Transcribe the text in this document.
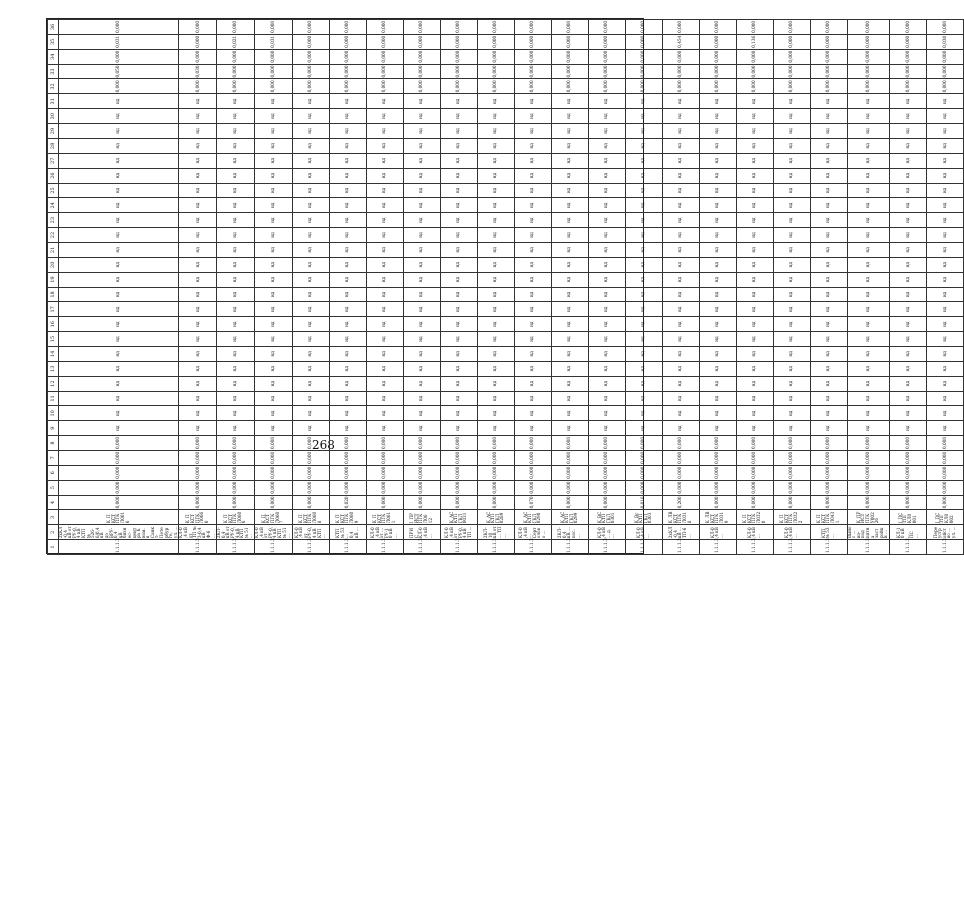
268
1	2	3	4	5	6	7	8	9	10	11	12	13	14	15	16	17	18	19	20	21	22	23	24	25	26	27	28	29	30	31	32	33	34	35	36
1.1.1.3	2хКЛ-0,4 кВ от РУ-0,4 кВ КТП № 526-6/0,4 кВ до ВРУ-0,4 кВ бизнес-центра К ном. в Санкт-Петербурге, ул. ...	K_ПКСТПГКЛ0016	0,000	0,000	0,000	0,000	0,000	нд	нд	нд	нд	нд	нд	нд	нд	нд	нд	нд	нд	нд	нд	нд	нд	нд	нд	нд	нд	нд	нд	нд	0,000	0,050	0,000	0,031	0,000
1.1.1.3	КЛ-0,4 кВ от ТП № 3-0,4 кВ Ф-6 ...	K_ПКСТПГКЛ0660	0,000	0,000	0,000	0,000	0,000	нд	нд	нд	нд	нд	нд	нд	нд	нд	нд	нд	нд	нд	нд	нд	нд	нд	нд	нд	нд	нд	нд	нд	0,000	0,030	0,000	0,000	0,000
1.1.1.3	2КЛ-0,4 кВ от РУ-0,4 кВ КТП № 51 ...	K_ПКСТПГКЛ0606	0,000	0,000	0,000	0,000	0,000	нд	нд	нд	нд	нд	нд	нд	нд	нд	нд	нд	нд	нд	нд	нд	нд	нд	нд	нд	нд	нд	нд	нд	0,000	0,000	0,000	0,021	0,000
1.1.1.3	КЛ-0,4 кВ от РУ-0,4 кВ КТП № 51 ...	K_ПКСТПГКЛ0607	0,000	0,000	0,000	0,000	0,000	нд	нд	нд	нд	нд	нд	нд	нд	нд	нд	нд	нд	нд	нд	нд	нд	нд	нд	нд	нд	нд	нд	нд	0,000	0,000	0,000	0,031	0,000
1.1.1.3	КЛ-0,4 кВ от РУ-0,4 кВ КТП ...	K_ПКСТПГКЛ0608	0,000	0,000	0,000	0,000	0,000	нд	нд	нд	нд	нд	нд	нд	нд	нд	нд	нд	нд	нд	нд	нд	нд	нд	нд	нд	нд	нд	нд	нд	0,000	0,000	0,000	0,000	0,000
1.1.1.3	КТП № 53 ... 0,4 кВ ...	K_ПКСТПГКЛ0609	0,020	0,000	0,000	0,000	0,000	нд	нд	нд	нд	нд	нд	нд	нд	нд	нд	нд	нд	нд	нд	нд	нд	нд	нд	нд	нд	нд	нд	нд	0,000	0,000	0,000	0,000	0,000
1.1.1.3	КЛ-0,4 кВ от ... РУ-10 кВ ...	K_ПКСТПГКЛ0611	0,000	0,000	0,000	0,000	0,000	нд	нд	нд	нд	нд	нд	нд	нд	нд	нд	нд	нд	нд	нд	нд	нд	нд	нд	нд	нд	нд	нд	нд	0,000	0,000	0,000	0,000	0,000
1.1.1.3	ПРИС ... КЛ-0,4 кВ ...	I_ПРИСТПГКЛ06 12	0,000	0,000	0,000	0,000	0,000	нд	нд	нд	нд	нд	нд	нд	нд	нд	нд	нд	нд	нд	нд	нд	нд	нд	нд	нд	нд	нд	нд	нд	0,000	0,000	0,000	0,000	0,000
1.1.1.3	КЛ-0,4 кВ от РУ-0,4 кВ ТП ...	K_АСКТПГКЛ0031	0,000	0,000	0,000	0,000	0,000	нд	нд	нд	нд	нд	нд	нд	нд	нд	нд	нд	нд	нд	нд	нд	нд	нд	нд	нд	нд	нд	нд	нд	0,000	0,000	0,000	0,000	0,000
1.1.1.3	2КЛ-10 кВ от ... ТП ...	K_АСКТПГКЛ0289	0,000	0,000	0,000	0,000	0,000	нд	нд	нд	нд	нд	нд	нд	нд	нд	нд	нд	нд	нд	нд	нд	нд	нд	нд	нд	нд	нд	нд	нд	0,000	0,000	0,000	0,000	0,000
1.1.1.3	КЛ-0,4 кВ ... Сертолово ...	K_АСКТПГКЛ0290	0,070	0,000	0,000	0,000	0,000	нд	нд	нд	нд	нд	нд	нд	нд	нд	нд	нд	нд	нд	нд	нд	нд	нд	нд	нд	нд	нд	нд	нд	0,000	0,000	0,000	0,000	0,000
1.1.1.3	2КЛ-0,4 кВ ... пос. ...	K_АСКТПГКЛ0299	0,000	0,000	0,000	0,000	0,000	нд	нд	нд	нд	нд	нд	нд	нд	нд	нд	нд	нд	нд	нд	нд	нд	нд	нд	нд	нд	нд	нд	нд	0,000	0,000	0,000	0,000	0,000
1.1.1.3	КЛ-0,4 кВ ... д. ...	K_ВСКТПГКЛ0301	0,000	0,000	0,000	0,000	0,000	нд	нд	нд	нд	нд	нд	нд	нд	нд	нд	нд	нд	нд	нд	нд	нд	нд	нд	нд	нд	нд	нд	нд	0,000	0,000	0,000	0,000	0,000
1.1.1.3	КЛ-0,4 кВ ...	K_ВсКТПГКЛ0303	0,016	0,000	0,000	0,000	0,000	нд	нд	нд	нд	нд	нд	нд	нд	нд	нд	нд	нд	нд	нд	нд	нд	нд	нд	нд	нд	нд	нд	нд	0,000	0,000	0,000	0,000	0,000
1.1.1.3	2хКЛ-0,4 кВ ... ТП-6 ...	K_ЛВКСТПГКЛ0318	0,200	0,000	0,000	0,000	0,000	нд	нд	нд	нд	нд	нд	нд	нд	нд	нд	нд	нд	нд	нд	нд	нд	нд	нд	нд	нд	нд	нд	нд	0,000	0,000	0,000	0,454	0,000
1.1.1.3	КЛ-0,4 кВ ...	K_ЛВКСТПГКЛ0319	0,000	0,000	0,000	0,000	0,000	нд	нд	нд	нд	нд	нд	нд	нд	нд	нд	нд	нд	нд	нд	нд	нд	нд	нд	нд	нд	нд	нд	нд	0,000	0,000	0,000	0,000	0,000
1.1.1.3	КЛ-0,4 кВ ...	K_ПКСТПГКЛ0320	0,000	0,000	0,000	0,000	0,000	нд	нд	нд	нд	нд	нд	нд	нд	нд	нд	нд	нд	нд	нд	нд	нд	нд	нд	нд	нд	нд	нд	нд	0,000	0,000	0,000	0,136	0,000
1.1.1.3	КЛ-0,4 кВ ...	K_ПКСТПГКЛ0322	0,000	0,000	0,000	0,000	0,000	нд	нд	нд	нд	нд	нд	нд	нд	нд	нд	нд	нд	нд	нд	нд	нд	нд	нд	нд	нд	нд	нд	нд	0,000	0,000	0,000	0,000	0,000
1.1.1.3	КТП № 53 ...	K_ПКСТПГКЛ0431	0,000	0,000	0,000	0,000	0,000	нд	нд	нд	нд	нд	нд	нд	нд	нд	нд	нд	нд	нд	нд	нд	нд	нд	нд	нд	нд	нд	нд	нд	0,000	0,000	0,000	0,000	0,000
1.1.1.3	Вынос ... из-под пятна застройки ...	K_ПРИСТПГКУ002 26	0,000	0,000	0,000	0,000	0,000	нд	нд	нд	нд	нд	нд	нд	нд	нд	нд	нд	нд	нд	нд	нд	нд	нд	нд	нд	нд	нд	нд	нд	0,000	0,000	0,000	0,000	0,000
1.1.1.3	КЛ-10 кВ ... ПС ...	I_ПСТПГКЛ0001	0,000	0,000	0,000	0,000	0,000	нд	нд	нд	нд	нд	нд	нд	нд	нд	нд	нд	нд	нд	нд	нд	нд	нд	нд	нд	нд	нд	нд	нд	0,000	0,000	0,000	0,000	0,000
1.1.1.3	Переустройство ... ул. ...	I_ПСТПГКЛ0002	0,000	0,000	0,000	0,000	0,000	нд	нд	нд	нд	нд	нд	нд	нд	нд	нд	нд	нд	нд	нд	нд	нд	нд	нд	нд	нд	нд	нд	нд	0,000	0,000	0,000	0,030	0,000
